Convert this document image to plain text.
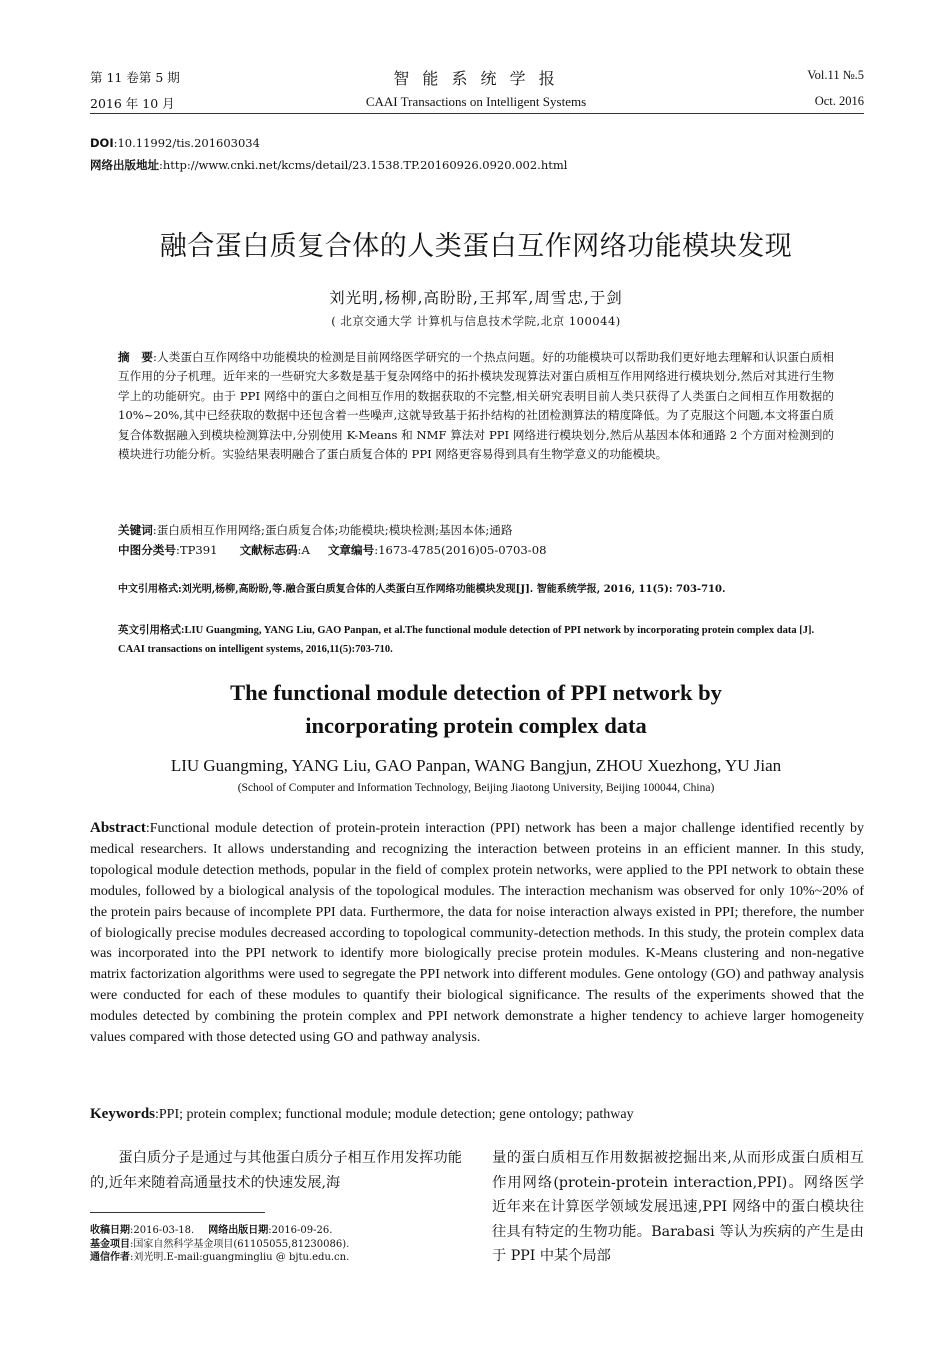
第 11 卷第 5 期
2016 年 10 月
智 能 系 统 学 报
CAAI Transactions on Intelligent Systems
Vol.11 №.5
Oct. 2016
DOI:10.11992/tis.201603034
网络出版地址:http://www.cnki.net/kcms/detail/23.1538.TP.20160926.0920.002.html
融合蛋白质复合体的人类蛋白互作网络功能模块发现
刘光明,杨柳,高盼盼,王邦军,周雪忠,于剑
( 北京交通大学 计算机与信息技术学院,北京 100044)
摘　要:人类蛋白互作网络中功能模块的检测是目前网络医学研究的一个热点问题。好的功能模块可以帮助我们更好地去理解和认识蛋白质相互作用的分子机理。近年来的一些研究大多数是基于复杂网络中的拓扑模块发现算法对蛋白质相互作用网络进行模块划分,然后对其进行生物学上的功能研究。由于 PPI 网络中的蛋白之间相互作用的数据获取的不完整,相关研究表明目前人类只获得了人类蛋白之间相互作用数据的10%~20%,其中已经获取的数据中还包含着一些噪声,这就导致基于拓扑结构的社团检测算法的精度降低。为了克服这个问题,本文将蛋白质复合体数据融入到模块检测算法中,分别使用 K-Means 和 NMF 算法对 PPI 网络进行模块划分,然后从基因本体和通路 2 个方面对检测到的模块进行功能分析。实验结果表明融合了蛋白质复合体的 PPI 网络更容易得到具有生物学意义的功能模块。
关键词:蛋白质相互作用网络;蛋白质复合体;功能模块;模块检测;基因本体;通路
中图分类号:TP391 文献标志码:A 文章编号:1673-4785(2016)05-0703-08
中文引用格式:刘光明,杨柳,高盼盼,等.融合蛋白质复合体的人类蛋白互作网络功能模块发现[J]. 智能系统学报, 2016, 11(5): 703-710.
英文引用格式:LIU Guangming, YANG Liu, GAO Panpan, et al.The functional module detection of PPI network by incorporating protein complex data [J]. CAAI transactions on intelligent systems, 2016,11(5):703-710.
The functional module detection of PPI network by
incorporating protein complex data
LIU Guangming, YANG Liu, GAO Panpan, WANG Bangjun, ZHOU Xuezhong, YU Jian
(School of Computer and Information Technology, Beijing Jiaotong University, Beijing 100044, China)
Abstract:Functional module detection of protein-protein interaction (PPI) network has been a major challenge identified recently by medical researchers. It allows understanding and recognizing the interaction between proteins in an efficient manner. In this study, topological module detection methods, popular in the field of complex protein networks, were applied to the PPI network to obtain these modules, followed by a biological analysis of the topological modules. The interaction mechanism was observed for only 10%~20% of the protein pairs because of incomplete PPI data. Furthermore, the data for noise interaction always existed in PPI; therefore, the number of biologically precise modules decreased according to topological community-detection methods. In this study, the protein complex data was incorporated into the PPI network to identify more biologically precise protein modules. K-Means clustering and non-negative matrix factorization algorithms were used to segregate the PPI network into different modules. Gene ontology (GO) and pathway analysis were conducted for each of these modules to quantify their biological significance. The results of the experiments showed that the modules detected by combining the protein complex and PPI network demonstrate a higher tendency to achieve larger homogeneity values compared with those detected using GO and pathway analysis.
Keywords:PPI; protein complex; functional module; module detection; gene ontology; pathway
蛋白质分子是通过与其他蛋白质分子相互作用发挥功能的,近年来随着高通量技术的快速发展,海
量的蛋白质相互作用数据被挖掘出来,从而形成蛋白质相互作用网络(protein-protein interaction,PPI)。网络医学近年来在计算医学领域发展迅速,PPI 网络中的蛋白模块往往具有特定的生物功能。Barabasi 等认为疾病的产生是由于 PPI 中某个局部
收稿日期:2016-03-18. 网络出版日期:2016-09-26.
基金项目:国家自然科学基金项目(61105055,81230086).
通信作者:刘光明.E-mail:guangmingliu @ bjtu.edu.cn.
